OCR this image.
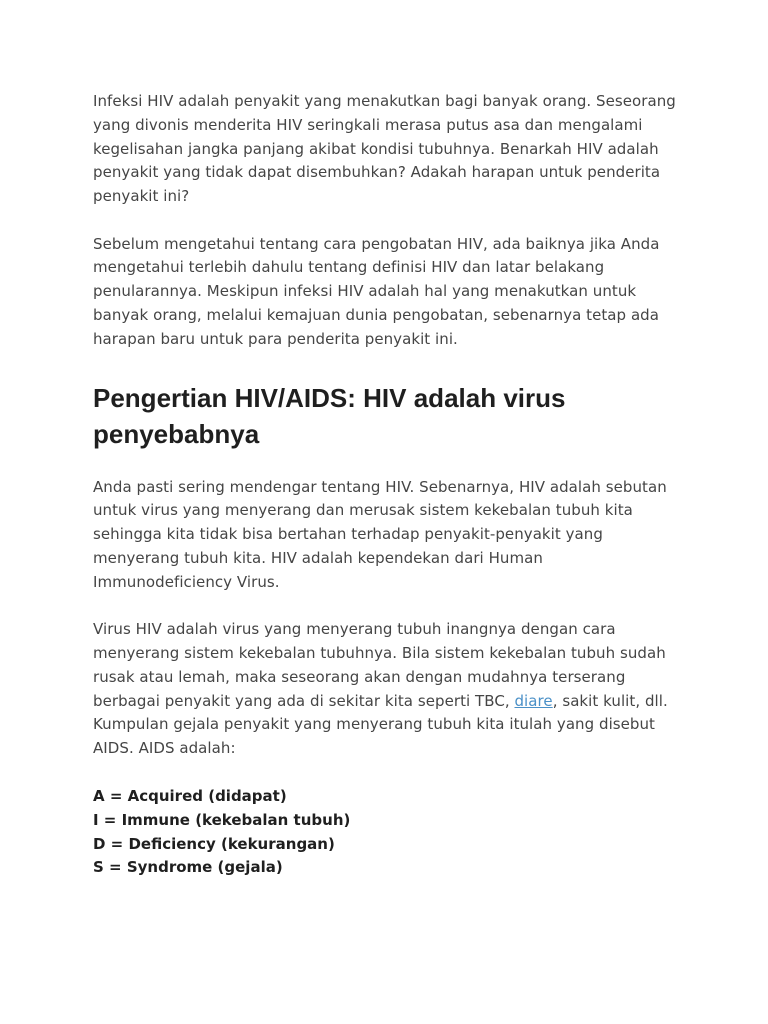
Infeksi HIV adalah penyakit yang menakutkan bagi banyak orang. Seseorang yang divonis menderita HIV seringkali merasa putus asa dan mengalami kegelisahan jangka panjang akibat kondisi tubuhnya. Benarkah HIV adalah penyakit yang tidak dapat disembuhkan? Adakah harapan untuk penderita penyakit ini?

Sebelum mengetahui tentang cara pengobatan HIV, ada baiknya jika Anda mengetahui terlebih dahulu tentang definisi HIV dan latar belakang penularannya. Meskipun infeksi HIV adalah hal yang menakutkan untuk banyak orang, melalui kemajuan dunia pengobatan, sebenarnya tetap ada harapan baru untuk para penderita penyakit ini.

Pengertian HIV/AIDS: HIV adalah virus penyebabnya

Anda pasti sering mendengar tentang HIV. Sebenarnya, HIV adalah sebutan untuk virus yang menyerang dan merusak sistem kekebalan tubuh kita sehingga kita tidak bisa bertahan terhadap penyakit-penyakit yang menyerang tubuh kita. HIV adalah kependekan dari Human Immunodeficiency Virus.

Virus HIV adalah virus yang menyerang tubuh inangnya dengan cara menyerang sistem kekebalan tubuhnya. Bila sistem kekebalan tubuh sudah rusak atau lemah, maka seseorang akan dengan mudahnya terserang berbagai penyakit yang ada di sekitar kita seperti TBC, diare, sakit kulit, dll. Kumpulan gejala penyakit yang menyerang tubuh kita itulah yang disebut AIDS. AIDS adalah:

A = Acquired (didapat)
I = Immune (kekebalan tubuh)
D = Deficiency (kekurangan)
S = Syndrome (gejala)
